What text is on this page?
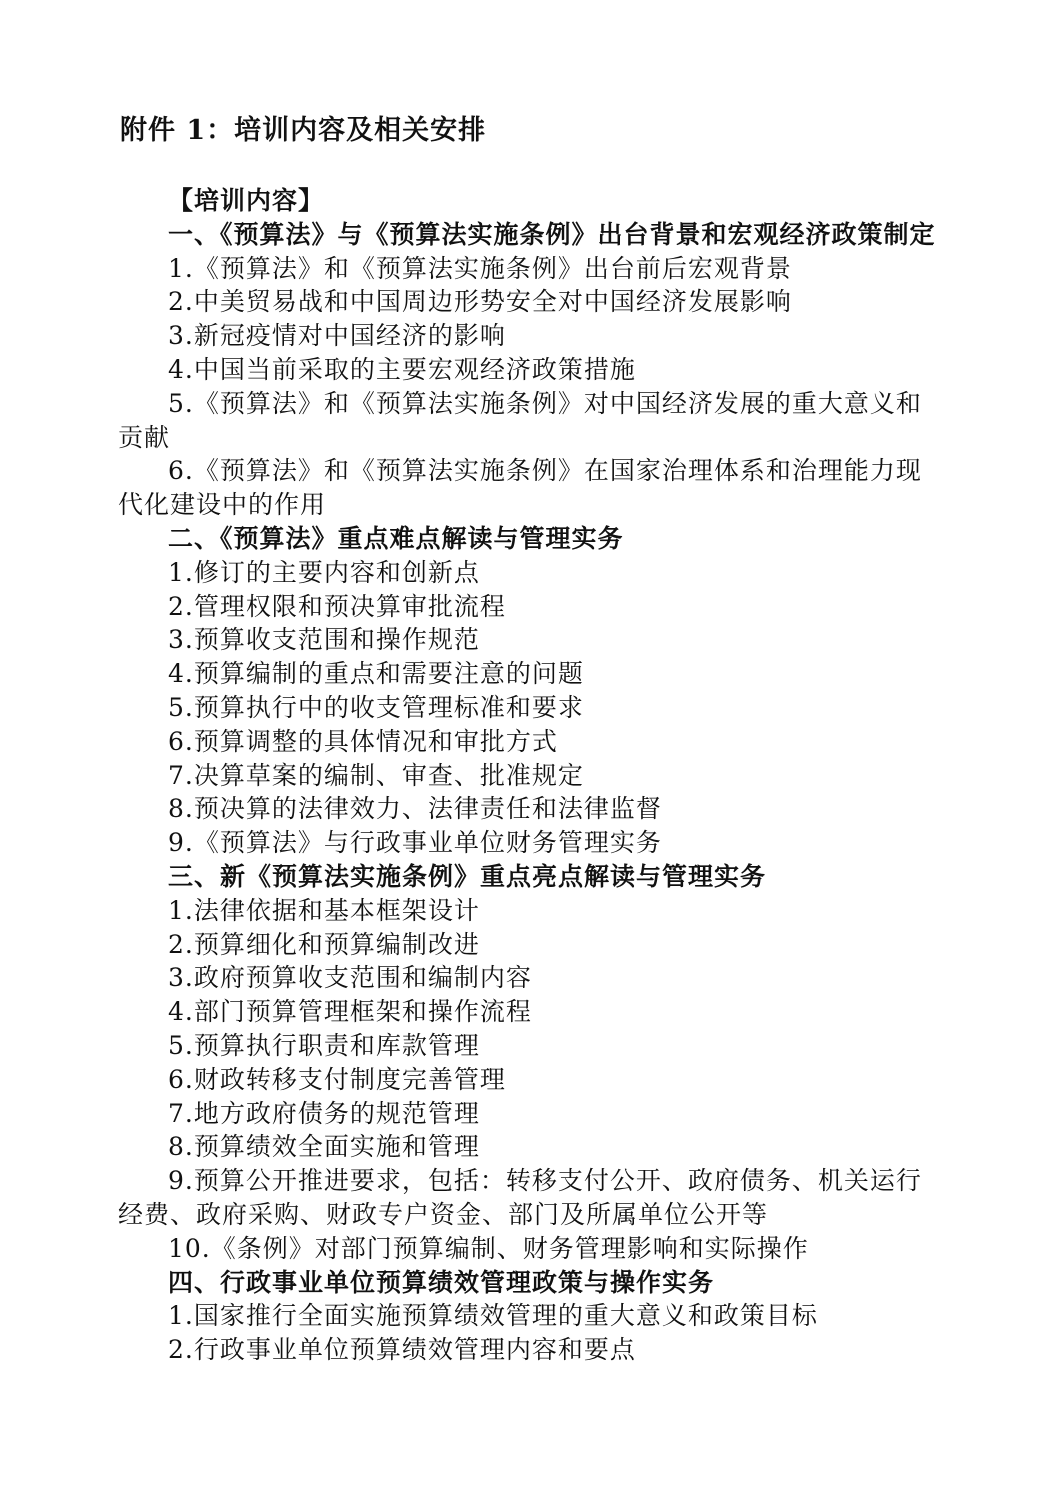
附件 1：培训内容及相关安排

【培训内容】

一、《预算法》与《预算法实施条例》出台背景和宏观经济政策制定

1.《预算法》和《预算法实施条例》出台前后宏观背景

2.中美贸易战和中国周边形势安全对中国经济发展影响

3.新冠疫情对中国经济的影响

4.中国当前采取的主要宏观经济政策措施

5.《预算法》和《预算法实施条例》对中国经济发展的重大意义和贡献

6.《预算法》和《预算法实施条例》在国家治理体系和治理能力现代化建设中的作用

二、《预算法》重点难点解读与管理实务

1.修订的主要内容和创新点

2.管理权限和预决算审批流程

3.预算收支范围和操作规范

4.预算编制的重点和需要注意的问题

5.预算执行中的收支管理标准和要求

6.预算调整的具体情况和审批方式

7.决算草案的编制、审查、批准规定

8.预决算的法律效力、法律责任和法律监督

9.《预算法》与行政事业单位财务管理实务

三、新《预算法实施条例》重点亮点解读与管理实务

1.法律依据和基本框架设计

2.预算细化和预算编制改进

3.政府预算收支范围和编制内容

4.部门预算管理框架和操作流程

5.预算执行职责和库款管理

6.财政转移支付制度完善管理

7.地方政府债务的规范管理

8.预算绩效全面实施和管理

9.预算公开推进要求，包括：转移支付公开、政府债务、机关运行经费、政府采购、财政专户资金、部门及所属单位公开等

10.《条例》对部门预算编制、财务管理影响和实际操作

四、行政事业单位预算绩效管理政策与操作实务

1.国家推行全面实施预算绩效管理的重大意义和政策目标

2.行政事业单位预算绩效管理内容和要点
